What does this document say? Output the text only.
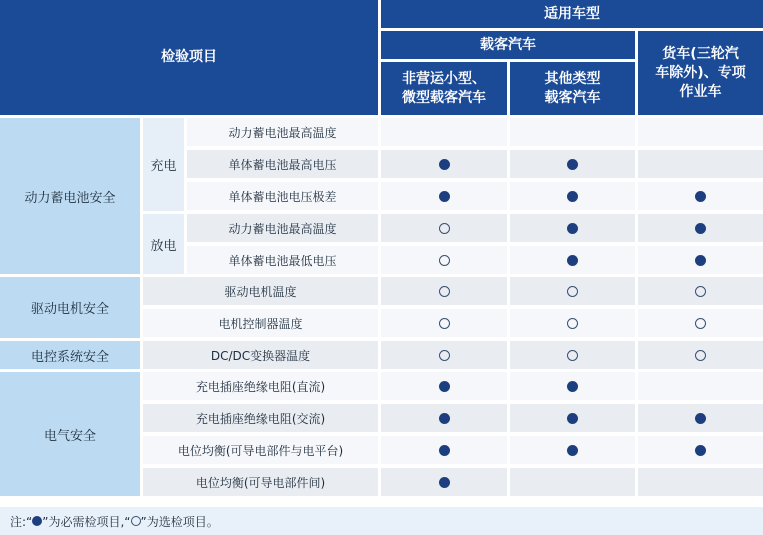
检验项目
适用车型
载客汽车
非营运小型、
微型载客汽车
其他类型
载客汽车
货车(三轮汽
车除外)、专项
作业车
动力蓄电池安全
驱动电机安全
电控系统安全
电气安全
充电
放电
动力蓄电池最高温度
单体蓄电池最高电压
单体蓄电池电压极差
动力蓄电池最高温度
单体蓄电池最低电压
驱动电机温度
电机控制器温度
DC/DC变换器温度
充电插座绝缘电阻(直流)
充电插座绝缘电阻(交流)
电位均衡(可导电部件与电平台)
电位均衡(可导电部件间)
注:“ ”为必需检项目,“ ”为选检项目。
